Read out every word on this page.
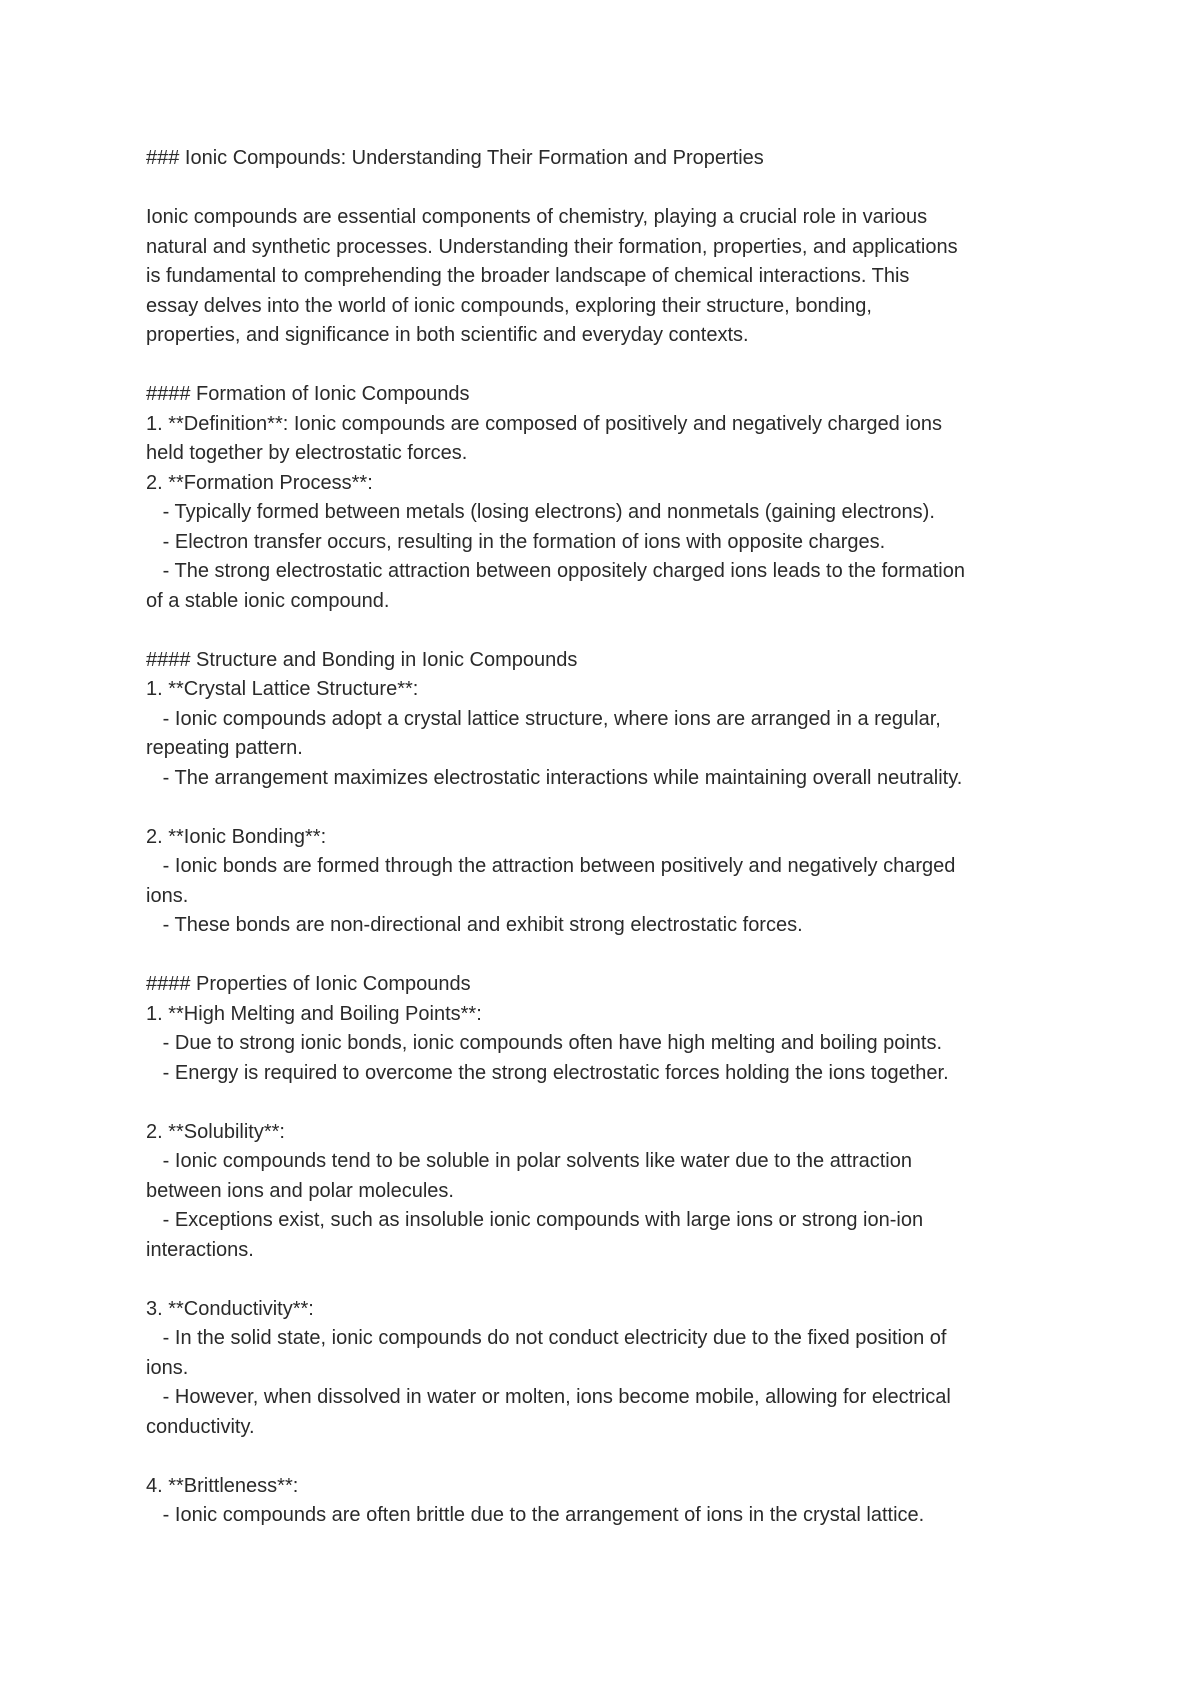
### Ionic Compounds: Understanding Their Formation and Properties
Ionic compounds are essential components of chemistry, playing a crucial role in various
natural and synthetic processes. Understanding their formation, properties, and applications
is fundamental to comprehending the broader landscape of chemical interactions. This
essay delves into the world of ionic compounds, exploring their structure, bonding,
properties, and significance in both scientific and everyday contexts.
#### Formation of Ionic Compounds
1. **Definition**: Ionic compounds are composed of positively and negatively charged ions
held together by electrostatic forces.
2. **Formation Process**:
- Typically formed between metals (losing electrons) and nonmetals (gaining electrons).
- Electron transfer occurs, resulting in the formation of ions with opposite charges.
- The strong electrostatic attraction between oppositely charged ions leads to the formation
of a stable ionic compound.
#### Structure and Bonding in Ionic Compounds
1. **Crystal Lattice Structure**:
- Ionic compounds adopt a crystal lattice structure, where ions are arranged in a regular,
repeating pattern.
- The arrangement maximizes electrostatic interactions while maintaining overall neutrality.
2. **Ionic Bonding**:
- Ionic bonds are formed through the attraction between positively and negatively charged
ions.
- These bonds are non-directional and exhibit strong electrostatic forces.
#### Properties of Ionic Compounds
1. **High Melting and Boiling Points**:
- Due to strong ionic bonds, ionic compounds often have high melting and boiling points.
- Energy is required to overcome the strong electrostatic forces holding the ions together.
2. **Solubility**:
- Ionic compounds tend to be soluble in polar solvents like water due to the attraction
between ions and polar molecules.
- Exceptions exist, such as insoluble ionic compounds with large ions or strong ion-ion
interactions.
3. **Conductivity**:
- In the solid state, ionic compounds do not conduct electricity due to the fixed position of
ions.
- However, when dissolved in water or molten, ions become mobile, allowing for electrical
conductivity.
4. **Brittleness**:
- Ionic compounds are often brittle due to the arrangement of ions in the crystal lattice.
